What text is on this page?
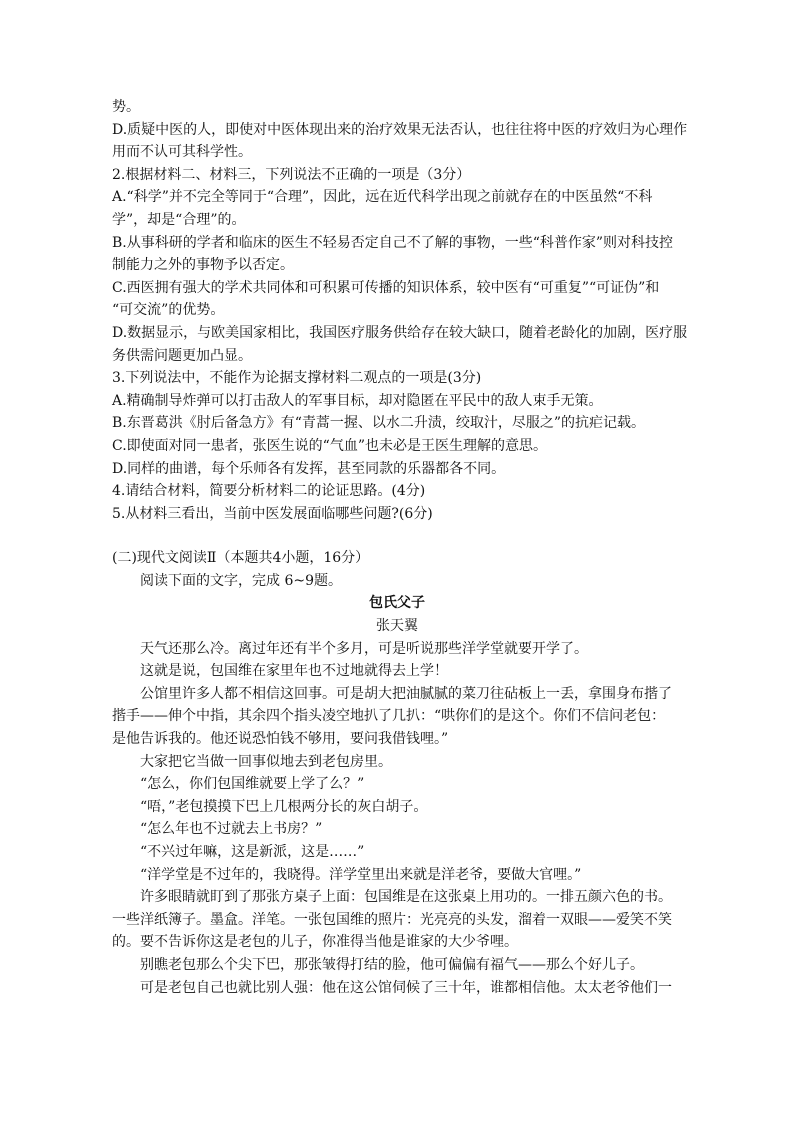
势。

D.质疑中医的人，即使对中医体现出来的治疗效果无法否认，也往往将中医的疗效归为心理作

用而不认可其科学性。

2.根据材料二、材料三，下列说法不正确的一项是（3分）

A.“科学”并不完全等同于“合理”，因此，远在近代科学出现之前就存在的中医虽然“不科

学”，却是“合理”的。

B.从事科研的学者和临床的医生不轻易否定自己不了解的事物，一些“科普作家”则对科技控

制能力之外的事物予以否定。

C.西医拥有强大的学术共同体和可积累可传播的知识体系，较中医有“可重复”“可证伪”和

“可交流”的优势。

D.数据显示，与欧美国家相比，我国医疗服务供给存在较大缺口，随着老龄化的加剧，医疗服

务供需问题更加凸显。

3.下列说法中，不能作为论据支撑材料二观点的一项是(3分)

A.精确制导炸弹可以打击敌人的军事目标，却对隐匿在平民中的敌人束手无策。

B.东晋葛洪《肘后备急方》有“青蒿一握、以水二升渍，绞取汁，尽服之”的抗疟记载。

C.即使面对同一患者，张医生说的“气血”也未必是王医生理解的意思。

D.同样的曲谱，每个乐师各有发挥，甚至同款的乐器都各不同。

4.请结合材料，简要分析材料二的论证思路。(4分)

5.从材料三看出，当前中医发展面临哪些问题?(6分)

(二)现代文阅读Ⅱ（本题共4小题，16分）

阅读下面的文字，完成 6~9题。

包氏父子

张天翼

天气还那么冷。离过年还有半个多月，可是听说那些洋学堂就要开学了。

这就是说，包国维在家里年也不过地就得去上学！

公馆里许多人都不相信这回事。可是胡大把油腻腻的菜刀往砧板上一丢，拿围身布揩了

揩手——伸个中指，其余四个指头凌空地扒了几扒：“哄你们的是这个。你们不信问老包：

是他告诉我的。他还说恐怕钱不够用，要问我借钱哩。”

大家把它当做一回事似地去到老包房里。

“怎么，你们包国维就要上学了么？”

“唔，”老包摸摸下巴上几根两分长的灰白胡子。

“怎么年也不过就去上书房？”

“不兴过年嘛，这是新派，这是……”

“洋学堂是不过年的，我晓得。洋学堂里出来就是洋老爷，要做大官哩。”

许多眼睛就盯到了那张方桌子上面：包国维是在这张桌上用功的。一排五颜六色的书。

一些洋纸簿子。墨盒。洋笔。一张包国维的照片：光亮亮的头发，溜着一双眼——爱笑不笑

的。要不告诉你这是老包的儿子，你准得当他是谁家的大少爷哩。

别瞧老包那么个尖下巴，那张皱得打结的脸，他可偏偏有福气——那么个好儿子。

可是老包自己也就比别人强：他在这公馆伺候了三十年，谁都相信他。太太老爷他们一
